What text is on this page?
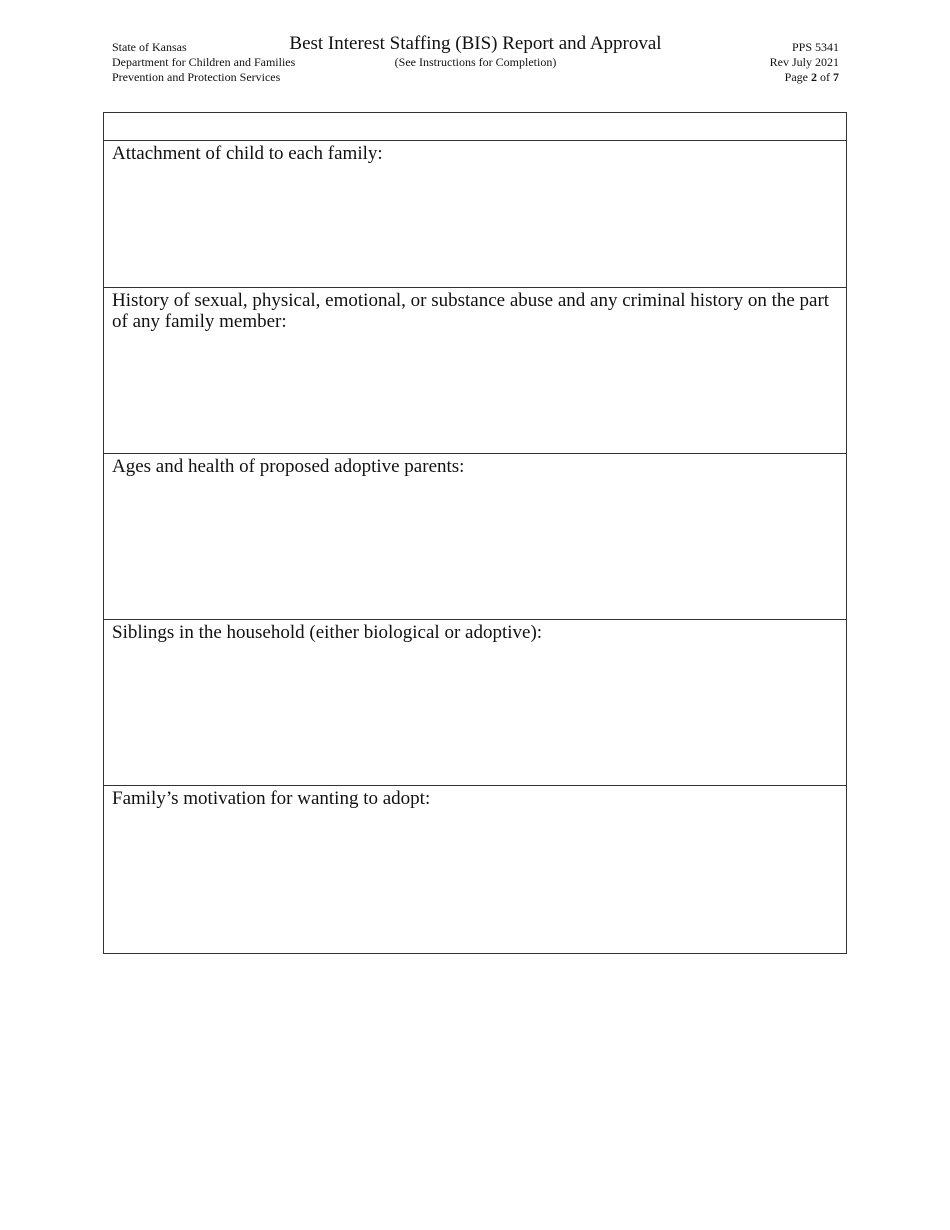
State of Kansas
Department for Children and Families
Prevention and Protection Services
Best Interest Staffing (BIS) Report and Approval
(See Instructions for Completion)
PPS 5341
Rev July 2021
Page 2 of 7
Attachment of child to each family:
History of sexual, physical, emotional, or substance abuse and any criminal history on the part of any family member:
Ages and health of proposed adoptive parents:
Siblings in the household (either biological or adoptive):
Family’s motivation for wanting to adopt:
